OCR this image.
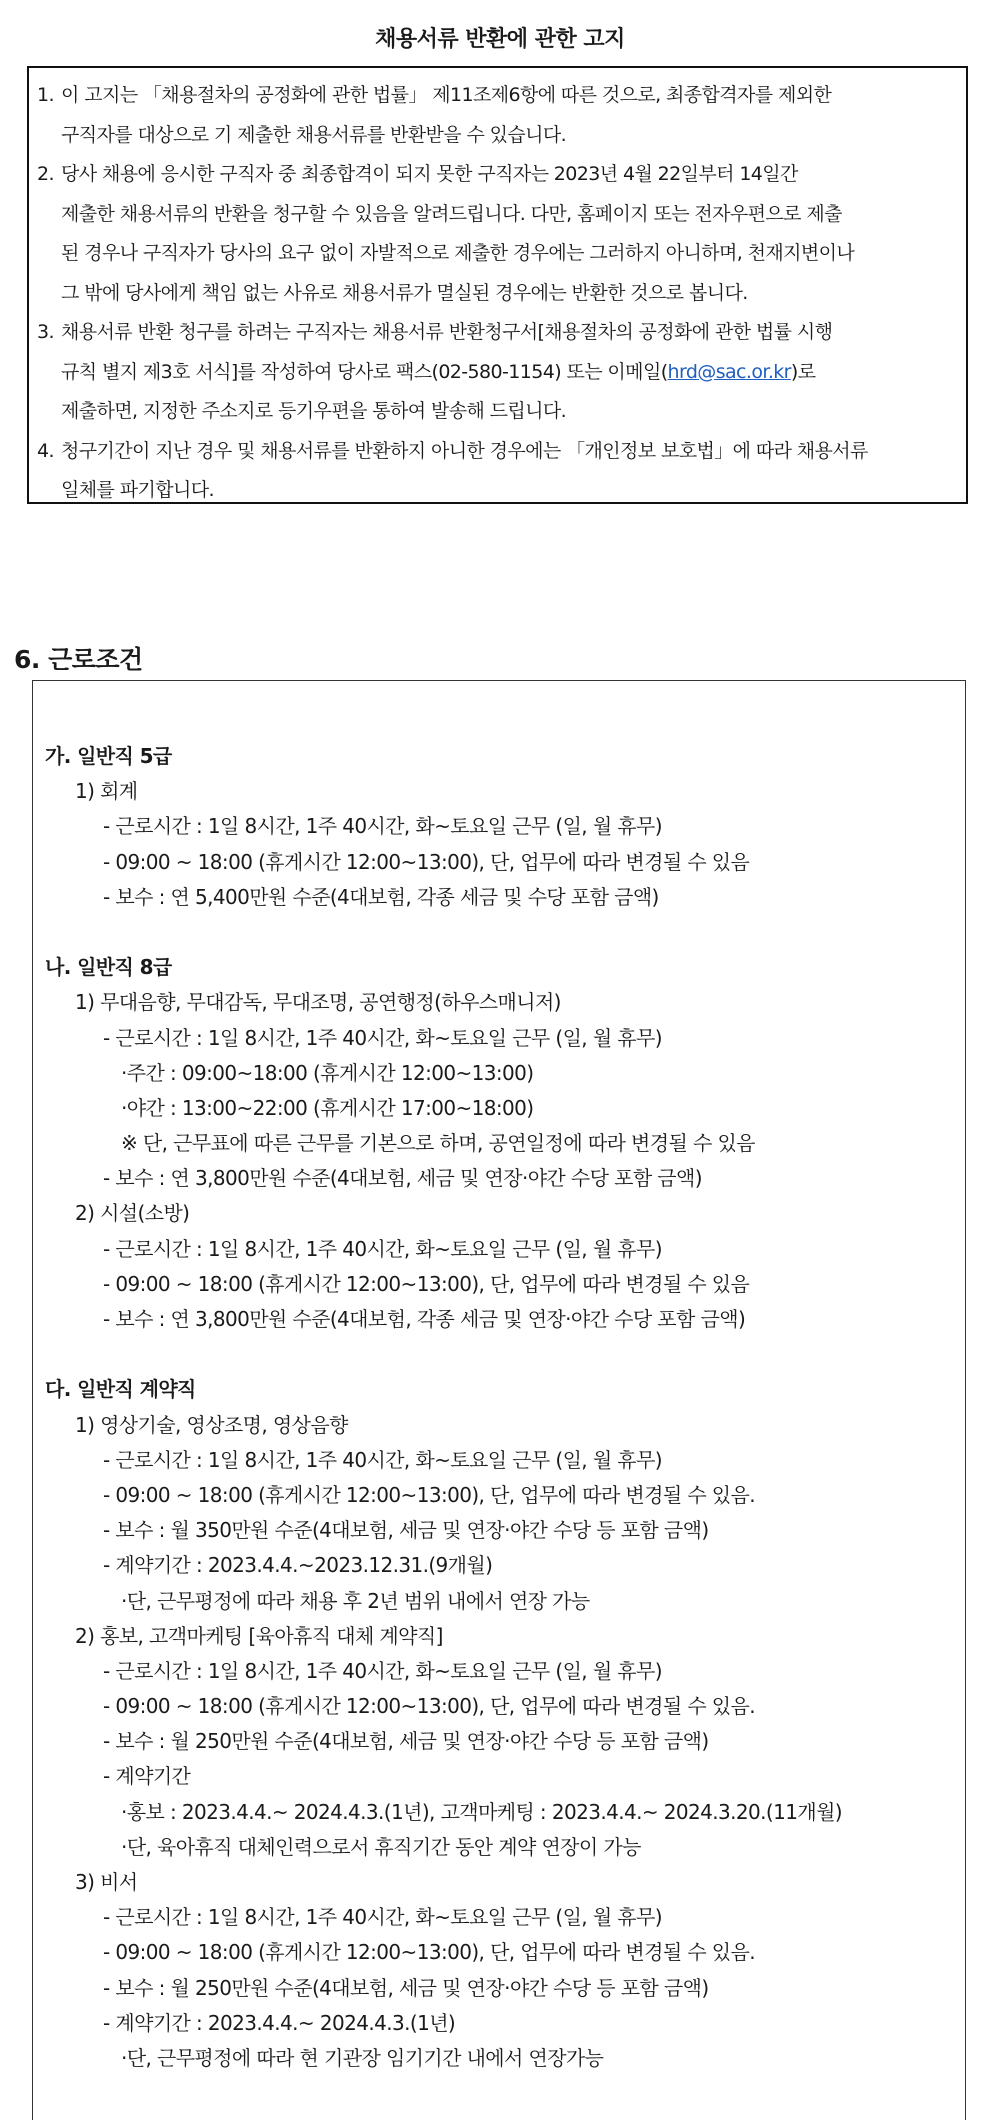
채용서류 반환에 관한 고지
1. 이 고지는 「채용절차의 공정화에 관한 법률」 제11조제6항에 따른 것으로, 최종합격자를 제외한
구직자를 대상으로 기 제출한 채용서류를 반환받을 수 있습니다.
2. 당사 채용에 응시한 구직자 중 최종합격이 되지 못한 구직자는 2023년 4월 22일부터 14일간
제출한 채용서류의 반환을 청구할 수 있음을 알려드립니다. 다만, 홈페이지 또는 전자우편으로 제출
된 경우나 구직자가 당사의 요구 없이 자발적으로 제출한 경우에는 그러하지 아니하며, 천재지변이나
그 밖에 당사에게 책임 없는 사유로 채용서류가 멸실된 경우에는 반환한 것으로 봅니다.
3. 채용서류 반환 청구를 하려는 구직자는 채용서류 반환청구서[채용절차의 공정화에 관한 법률 시행
규칙 별지 제3호 서식]를 작성하여 당사로 팩스(02-580-1154) 또는 이메일(hrd@sac.or.kr)로
제출하면, 지정한 주소지로 등기우편을 통하여 발송해 드립니다.
4. 청구기간이 지난 경우 및 채용서류를 반환하지 아니한 경우에는 「개인정보 보호법」에 따라 채용서류
일체를 파기합니다.
6. 근로조건
가. 일반직 5급
1) 회계
- 근로시간 : 1일 8시간, 1주 40시간, 화~토요일 근무 (일, 월 휴무)
- 09:00 ~ 18:00 (휴게시간 12:00~13:00), 단, 업무에 따라 변경될 수 있음
- 보수 : 연 5,400만원 수준(4대보험, 각종 세금 및 수당 포함 금액)
나. 일반직 8급
1) 무대음향, 무대감독, 무대조명, 공연행정(하우스매니저)
- 근로시간 : 1일 8시간, 1주 40시간, 화~토요일 근무 (일, 월 휴무)
·주간 : 09:00~18:00 (휴게시간 12:00~13:00)
·야간 : 13:00~22:00 (휴게시간 17:00~18:00)
※ 단, 근무표에 따른 근무를 기본으로 하며, 공연일정에 따라 변경될 수 있음
- 보수 : 연 3,800만원 수준(4대보험, 세금 및 연장·야간 수당 포함 금액)
2) 시설(소방)
- 근로시간 : 1일 8시간, 1주 40시간, 화~토요일 근무 (일, 월 휴무)
- 09:00 ~ 18:00 (휴게시간 12:00~13:00), 단, 업무에 따라 변경될 수 있음
- 보수 : 연 3,800만원 수준(4대보험, 각종 세금 및 연장·야간 수당 포함 금액)
다. 일반직 계약직
1) 영상기술, 영상조명, 영상음향
- 근로시간 : 1일 8시간, 1주 40시간, 화~토요일 근무 (일, 월 휴무)
- 09:00 ~ 18:00 (휴게시간 12:00~13:00), 단, 업무에 따라 변경될 수 있음.
- 보수 : 월 350만원 수준(4대보험, 세금 및 연장·야간 수당 등 포함 금액)
- 계약기간 : 2023.4.4.~2023.12.31.(9개월)
·단, 근무평정에 따라 채용 후 2년 범위 내에서 연장 가능
2) 홍보, 고객마케팅 [육아휴직 대체 계약직]
- 근로시간 : 1일 8시간, 1주 40시간, 화~토요일 근무 (일, 월 휴무)
- 09:00 ~ 18:00 (휴게시간 12:00~13:00), 단, 업무에 따라 변경될 수 있음.
- 보수 : 월 250만원 수준(4대보험, 세금 및 연장·야간 수당 등 포함 금액)
- 계약기간
·홍보 : 2023.4.4.~ 2024.4.3.(1년), 고객마케팅 : 2023.4.4.~ 2024.3.20.(11개월)
·단, 육아휴직 대체인력으로서 휴직기간 동안 계약 연장이 가능
3) 비서
- 근로시간 : 1일 8시간, 1주 40시간, 화~토요일 근무 (일, 월 휴무)
- 09:00 ~ 18:00 (휴게시간 12:00~13:00), 단, 업무에 따라 변경될 수 있음.
- 보수 : 월 250만원 수준(4대보험, 세금 및 연장·야간 수당 등 포함 금액)
- 계약기간 : 2023.4.4.~ 2024.4.3.(1년)
·단, 근무평정에 따라 현 기관장 임기기간 내에서 연장가능
